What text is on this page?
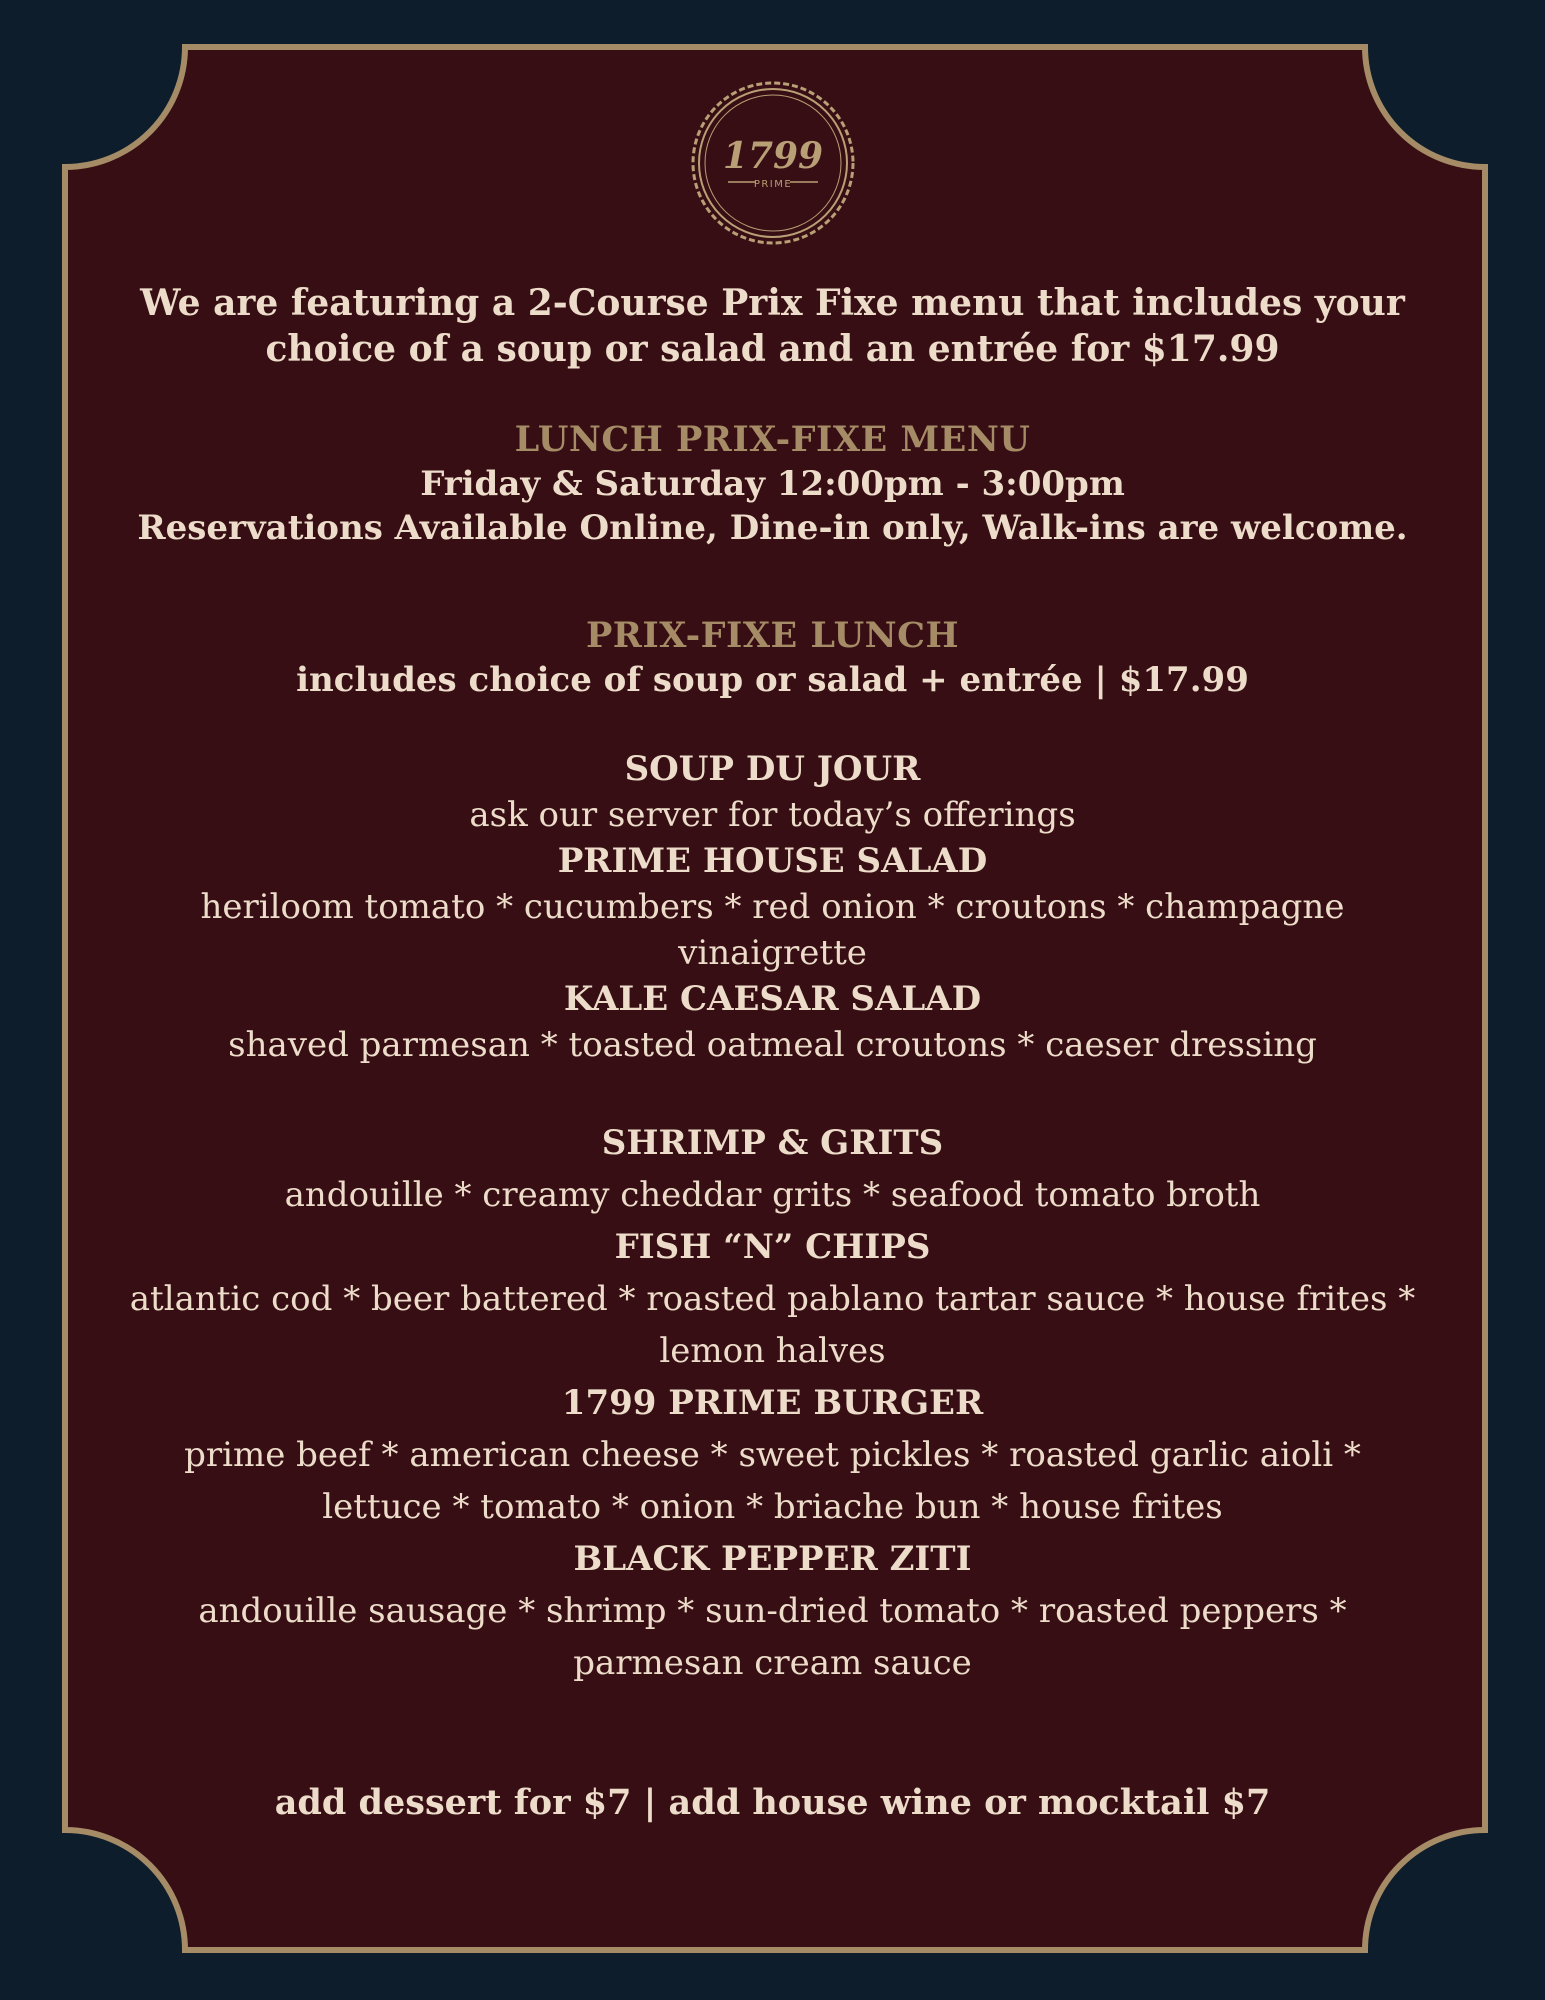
1799
PRIME
We are featuring a 2-Course Prix Fixe menu that includes your
choice of a soup or salad and an entrée for $17.99
LUNCH PRIX-FIXE MENU
Friday & Saturday 12:00pm - 3:00pm
Reservations Available Online, Dine-in only, Walk-ins are welcome.
PRIX-FIXE LUNCH
includes choice of soup or salad + entrée | $17.99
SOUP DU JOUR
ask our server for today’s offerings
PRIME HOUSE SALAD
heriloom tomato * cucumbers * red onion * croutons * champagne vinaigrette
KALE CAESAR SALAD
shaved parmesan * toasted oatmeal croutons * caeser dressing
SHRIMP & GRITS
andouille * creamy cheddar grits * seafood tomato broth
FISH “N” CHIPS
atlantic cod * beer battered * roasted pablano tartar sauce * house frites * lemon halves
1799 PRIME BURGER
prime beef * american cheese * sweet pickles * roasted garlic aioli * lettuce * tomato * onion * briache bun * house frites
BLACK PEPPER ZITI
andouille sausage * shrimp * sun-dried tomato * roasted peppers * parmesan cream sauce
add dessert for $7 | add house wine or mocktail $7
